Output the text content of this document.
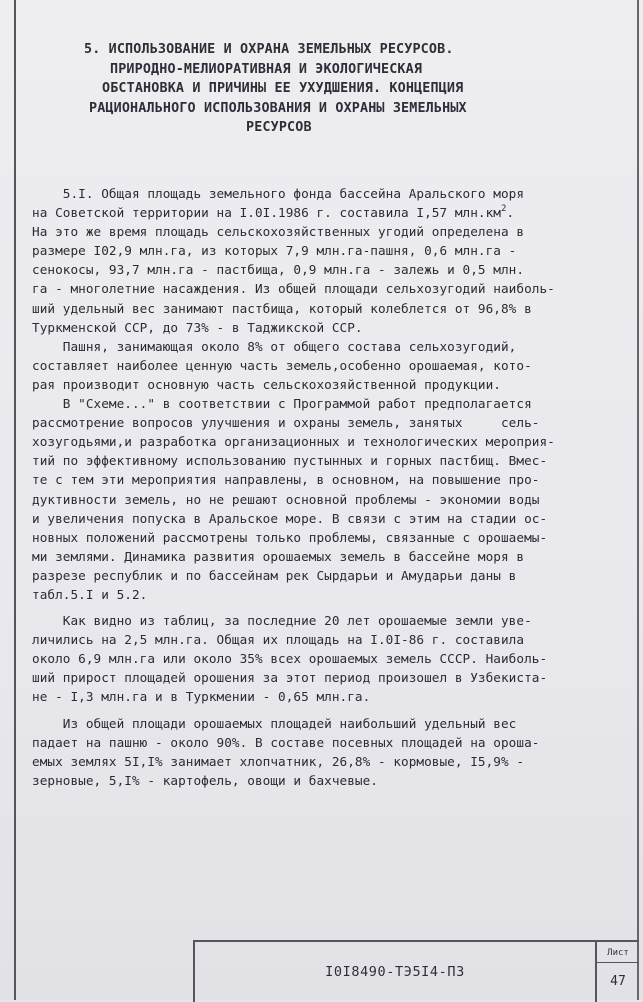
5. ИСПОЛЬЗОВАНИЕ И ОХРАНА ЗЕМЕЛЬНЫХ РЕСУРСОВ.
ПРИРОДНО-МЕЛИОРАТИВНАЯ И ЭКОЛОГИЧЕСКАЯ
ОБСТАНОВКА И ПРИЧИНЫ ЕЕ УХУДШЕНИЯ. КОНЦЕПЦИЯ
РАЦИОНАЛЬНОГО ИСПОЛЬЗОВАНИЯ И ОХРАНЫ ЗЕМЕЛЬНЫХ
РЕСУРСОВ
5.I. Общая площадь земельного фонда бассейна Аральского моря
на Советской территории на I.0I.1986 г. составила I,57 $млн.км^2$.
На это же время площадь сельскохозяйственных угодий определена в
размере I02,9 млн.га, из которых 7,9 млн.га-пашня, 0,6 млн.га -
сенокосы, 93,7 млн.га - пастбища, 0,9 млн.га - залежь и 0,5 млн.
га - многолетние насаждения. Из общей площади сельхозугодий наиболь-
ший удельный вес занимают пастбища, который колеблется от 96,8% в
Туркменской ССР, до 73% - в Таджикской ССР.
Пашня, занимающая около 8% от общего состава сельхозугодий,
составляет наиболее ценную часть земель,особенно орошаемая, кото-
рая производит основную часть сельскохозяйственной продукции.
В "Схеме..." в соответствии с Программой работ предполагается
рассмотрение вопросов улучшения и охраны земель, занятых     сель-
хозугодьями,и разработка организационных и технологических мероприя-
тий по эффективному использованию пустынных и горных пастбищ. Вмес-
те с тем эти мероприятия направлены, в основном, на повышение про-
дуктивности земель, но не решают основной проблемы - экономии воды
и увеличения попуска в Аральское море. В связи с этим на стадии ос-
новных положений рассмотрены только проблемы, связанные с орошаемы-
ми землями. Динамика развития орошаемых земель в бассейне моря в
разрезе республик и по бассейнам рек Сырдарьи и Амударьи даны в
табл.5.I и 5.2.
Как видно из таблиц, за последние 20 лет орошаемые земли уве-
личились на 2,5 млн.га. Общая их площадь на I.0I-86 г. составила
около 6,9 млн.га или около 35% всех орошаемых земель СССР. Наиболь-
ший прирост площадей орошения за этот период произошел в Узбекиста-
не - I,3 млн.га и в Туркмении - 0,65 млн.га.
Из общей площади орошаемых площадей наибольший удельный вес
падает на пашню - около 90%. В составе посевных площадей на ороша-
емых землях 5I,I% занимает хлопчатник, 26,8% - кормовые, I5,9% -
зерновые, 5,I% - картофель, овощи и бахчевые.
I0I8490-ТЭ5I4-ПЗ
Лист
47
